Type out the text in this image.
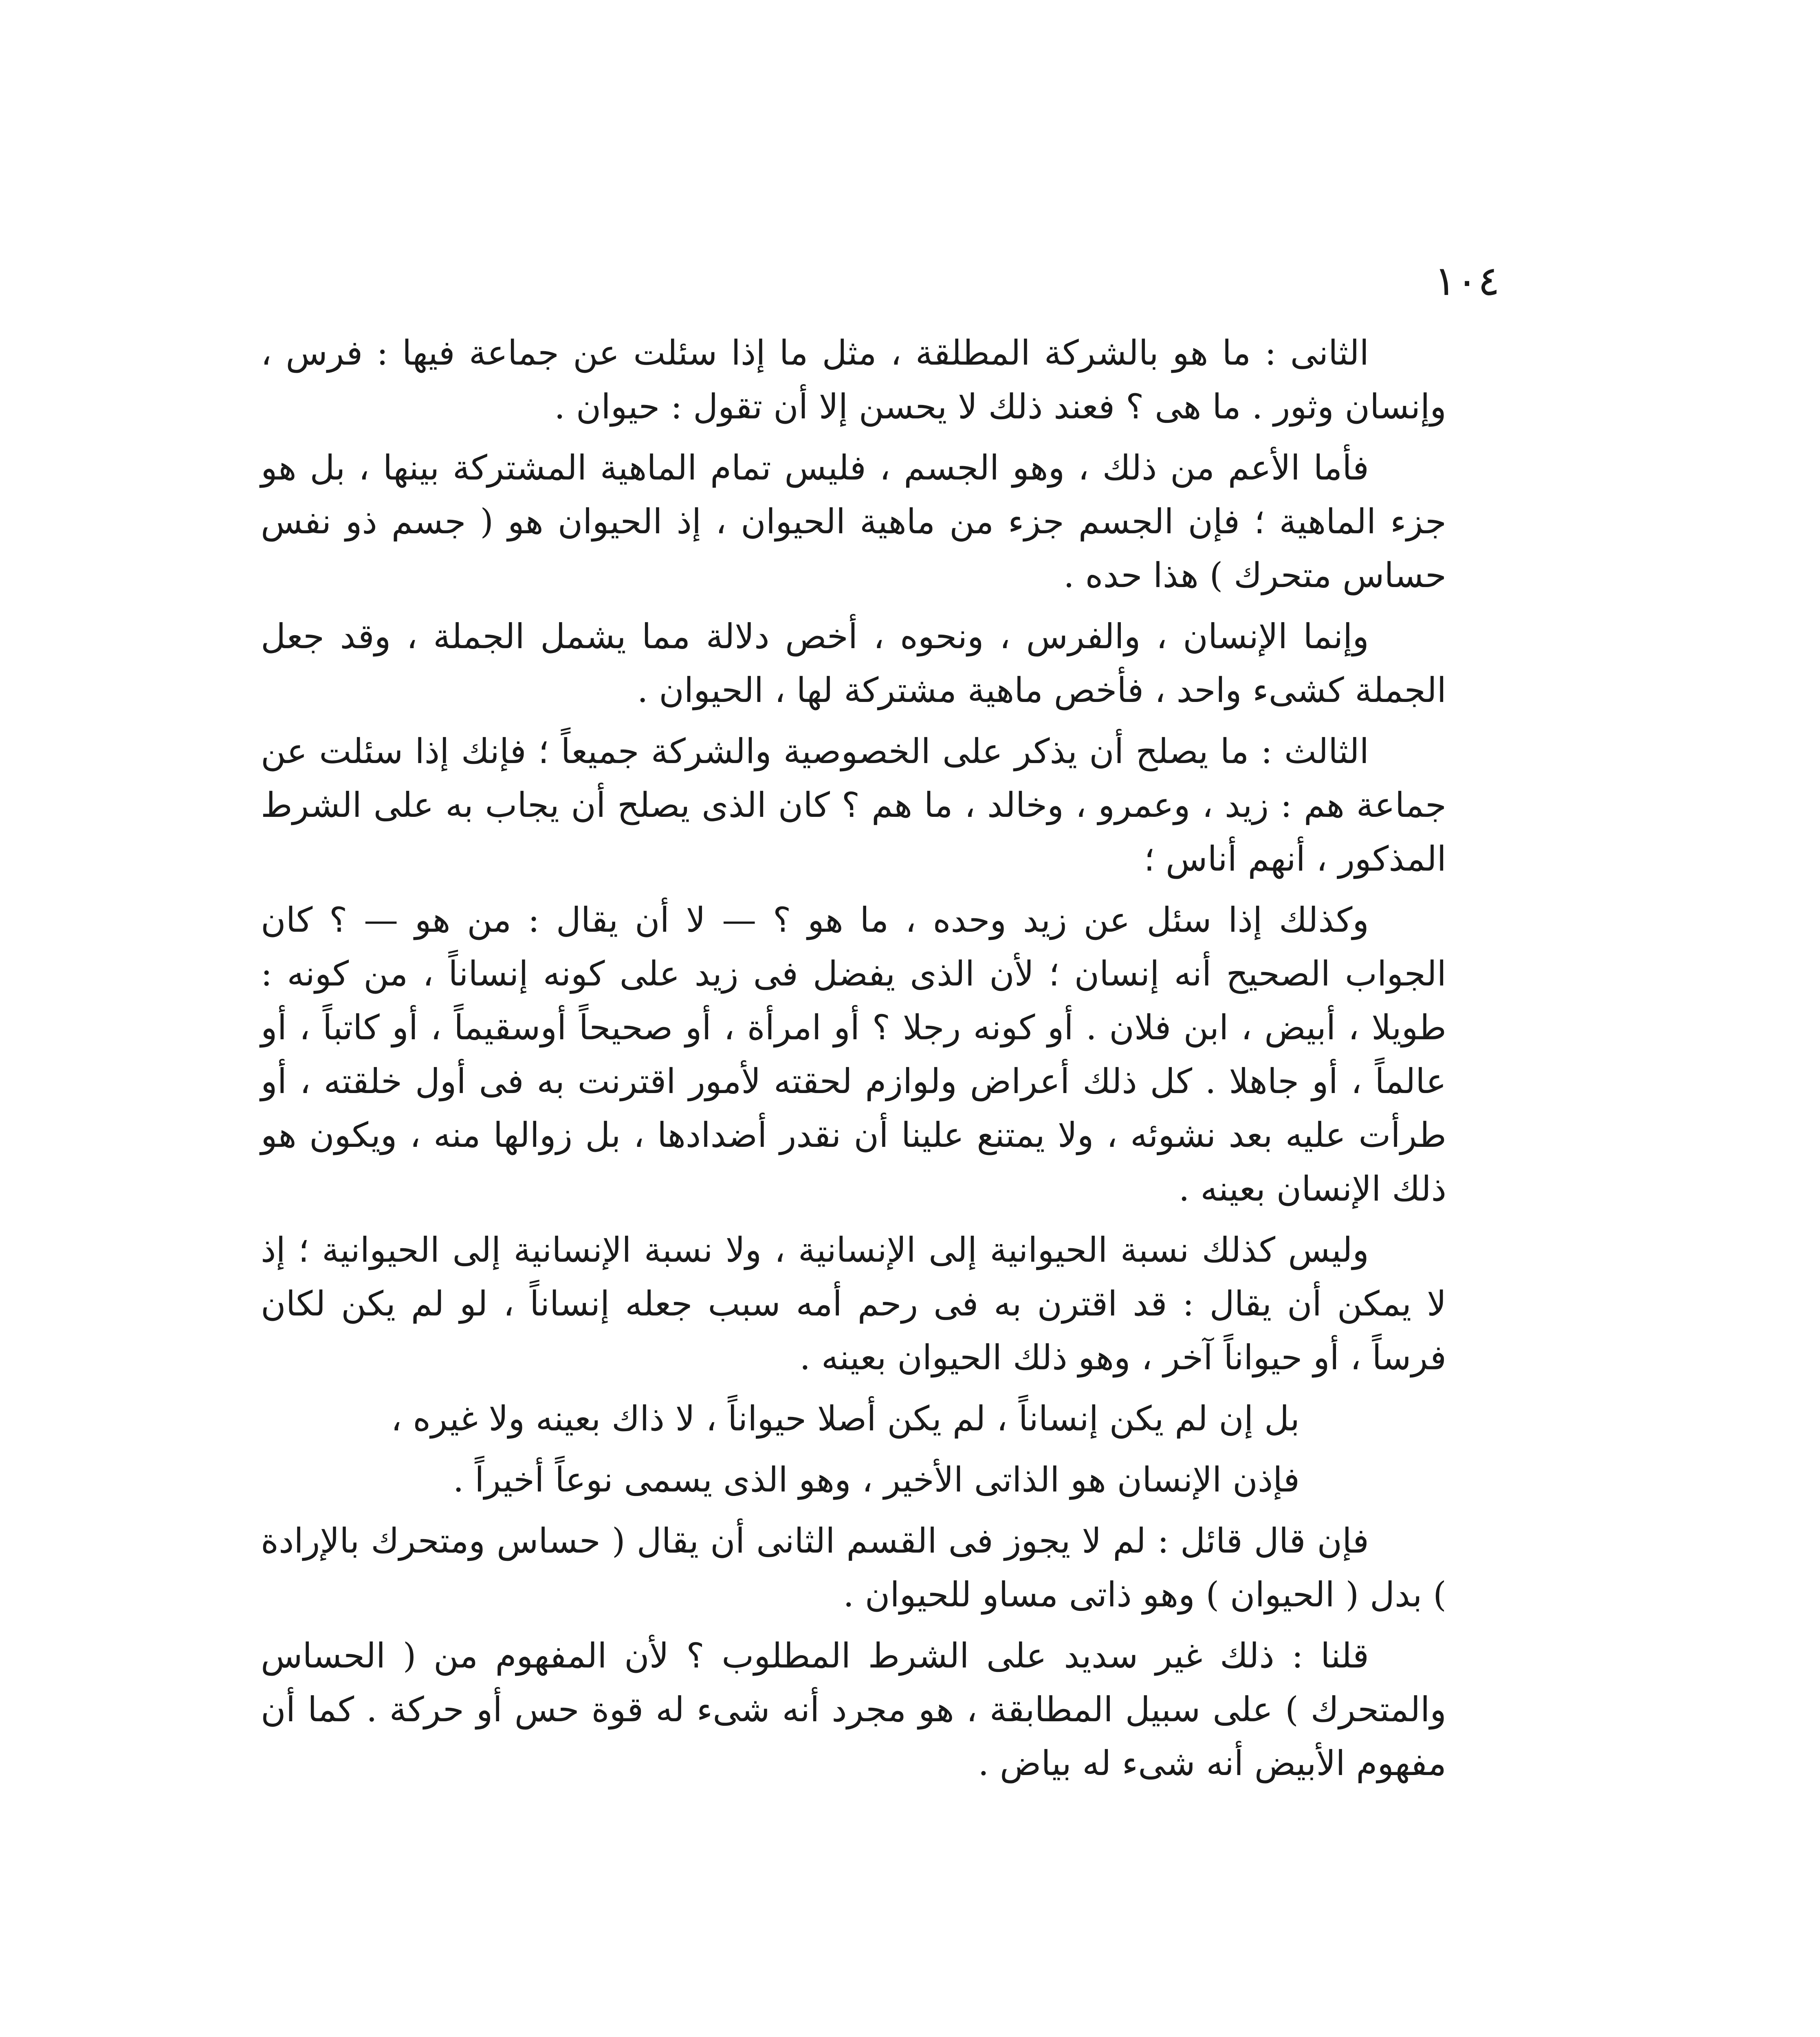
١٠٤

الثانى : ما هو بالشركة المطلقة ، مثل ما إذا سئلت عن جماعة فيها : فرس ، وإنسان وثور . ما هى ؟ فعند ذلك لا يحسن إلا أن تقول : حيوان .

فأما الأعم من ذلك ، وهو الجسم ، فليس تمام الماهية المشتركة بينها ، بل هو جزء الماهية ؛ فإن الجسم جزء من ماهية الحيوان ، إذ الحيوان هو ( جسم ذو نفس حساس متحرك ) هذا حده .

وإنما الإنسان ، والفرس ، ونحوه ، أخص دلالة مما يشمل الجملة ، وقد جعل الجملة كشىء واحد ، فأخص ماهية مشتركة لها ، الحيوان .

الثالث : ما يصلح أن يذكر على الخصوصية والشركة جميعاً ؛ فإنك إذا سئلت عن جماعة هم : زيد ، وعمرو ، وخالد ، ما هم ؟ كان الذى يصلح أن يجاب به على الشرط المذكور ، أنهم أناس ؛

وكذلك إذا سئل عن زيد وحده ، ما هو ؟ — لا أن يقال : من هو — ؟ كان الجواب الصحيح أنه إنسان ؛ لأن الذى يفضل فى زيد على كونه إنساناً ، من كونه : طويلا ، أبيض ، ابن فلان . أو كونه رجلا ؟ أو امرأة ، أو صحيحاً أوسقيماً ، أو كاتباً ، أو عالماً ، أو جاهلا . كل ذلك أعراض ولوازم لحقته لأمور اقترنت به فى أول خلقته ، أو طرأت عليه بعد نشوئه ، ولا يمتنع علينا أن نقدر أضدادها ، بل زوالها منه ، ويكون هو ذلك الإنسان بعينه .

وليس كذلك نسبة الحيوانية إلى الإنسانية ، ولا نسبة الإنسانية إلى الحيوانية ؛ إذ لا يمكن أن يقال : قد اقترن به فى رحم أمه سبب جعله إنساناً ، لو لم يكن لكان فرساً ، أو حيواناً آخر ، وهو ذلك الحيوان بعينه .

بل إن لم يكن إنساناً ، لم يكن أصلا حيواناً ، لا ذاك بعينه ولا غيره ،

فإذن الإنسان هو الذاتى الأخير ، وهو الذى يسمى نوعاً أخيراً .

فإن قال قائل : لم لا يجوز فى القسم الثانى أن يقال ( حساس ومتحرك بالإرادة ) بدل ( الحيوان ) وهو ذاتى مساو للحيوان .

قلنا : ذلك غير سديد على الشرط المطلوب ؟ لأن المفهوم من ( الحساس والمتحرك ) على سبيل المطابقة ، هو مجرد أنه شىء له قوة حس أو حركة . كما أن مفهوم الأبيض أنه شىء له بياض .
